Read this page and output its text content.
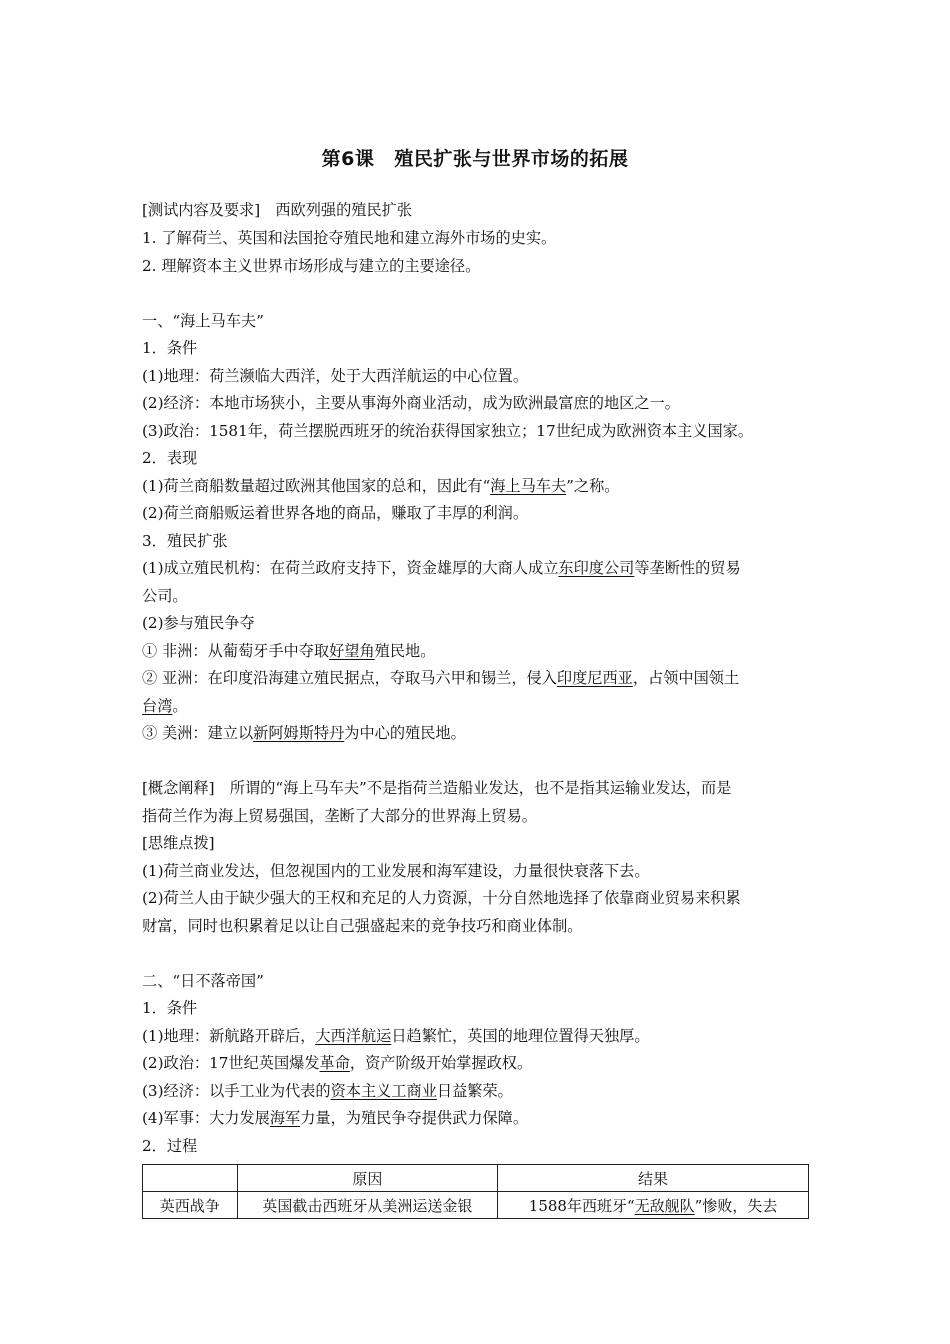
第6课 殖民扩张与世界市场的拓展
[测试内容及要求]　 西欧列强的殖民扩张
1. 了解荷兰、英国和法国抢夺殖民地和建立海外市场的史实。
2. 理解资本主义世界市场形成与建立的主要途径。
一、“海上马车夫”
1．条件
(1)地理：荷兰濒临大西洋，处于大西洋航运的中心位置。
(2)经济：本地市场狭小，主要从事海外商业活动，成为欧洲最富庶的地区之一。
(3)政治：1581年，荷兰摆脱西班牙的统治获得国家独立；17世纪成为欧洲资本主义国家。
2．表现
(1)荷兰商船数量超过欧洲其他国家的总和，因此有“海上马车夫”之称。
(2)荷兰商船贩运着世界各地的商品，赚取了丰厚的利润。
3．殖民扩张
(1)成立殖民机构：在荷兰政府支持下，资金雄厚的大商人成立东印度公司等垄断性的贸易
公司。
(2)参与殖民争夺
① 非洲：从葡萄牙手中夺取好望角殖民地。
② 亚洲：在印度沿海建立殖民据点，夺取马六甲和锡兰，侵入印度尼西亚，占领中国领土
台湾。
③ 美洲：建立以新阿姆斯特丹为中心的殖民地。
[概念阐释]　所谓的“海上马车夫”不是指荷兰造船业发达，也不是指其运输业发达，而是
指荷兰作为海上贸易强国，垄断了大部分的世界海上贸易。
[思维点拨]
(1)荷兰商业发达，但忽视国内的工业发展和海军建设，力量很快衰落下去。
(2)荷兰人由于缺少强大的王权和充足的人力资源，十分自然地选择了依靠商业贸易来积累
财富，同时也积累着足以让自己强盛起来的竞争技巧和商业体制。
二、“日不落帝国”
1．条件
(1)地理：新航路开辟后，大西洋航运日趋繁忙，英国的地理位置得天独厚。
(2)政治：17世纪英国爆发革命，资产阶级开始掌握政权。
(3)经济：以手工业为代表的资本主义工商业日益繁荣。
(4)军事：大力发展海军力量，为殖民争夺提供武力保障。
2．过程
	原因	结果
英西战争	英国截击西班牙从美洲运送金银	1588年西班牙“无敌舰队”惨败，失去
